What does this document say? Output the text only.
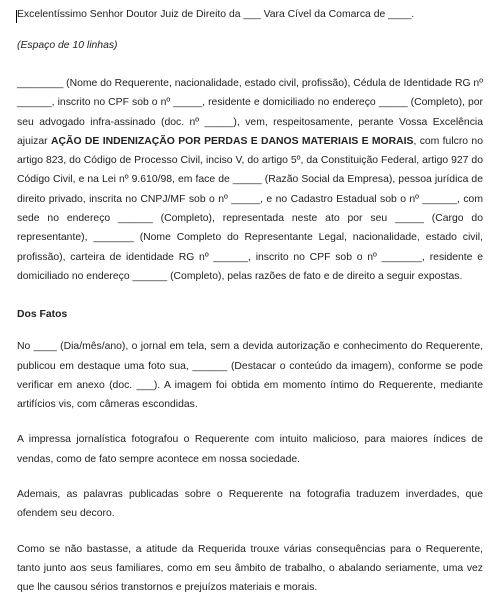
Excelentíssimo Senhor Doutor Juiz de Direito da ___ Vara Cível da Comarca de ____.

(Espaço de 10 linhas)

________ (Nome do Requerente, nacionalidade, estado civil, profissão), Cédula de Identidade RG nº ______, inscrito no CPF sob o nº _____, residente e domiciliado no endereço _____ (Completo), por seu advogado infra-assinado (doc. nº _____), vem, respeitosamente, perante Vossa Excelência ajuizar AÇÃO DE INDENIZAÇÃO POR PERDAS E DANOS MATERIAIS E MORAIS, com fulcro no artigo 823, do Código de Processo Civil, inciso V, do artigo 5º, da Constituição Federal, artigo 927 do Código Civil, e na Lei nº 9.610/98, em face de _____ (Razão Social da Empresa), pessoa jurídica de direito privado, inscrita no CNPJ/MF sob o nº _____, e no Cadastro Estadual sob o nº ______, com sede no endereço ______ (Completo), representada neste ato por seu _____ (Cargo do representante), _______ (Nome Completo do Representante Legal, nacionalidade, estado civil, profissão), carteira de identidade RG nº ______, inscrito no CPF sob o nº _______, residente e domiciliado no endereço ______ (Completo), pelas razões de fato e de direito a seguir expostas.

Dos Fatos

No ____ (Dia/mês/ano), o jornal em tela, sem a devida autorização e conhecimento do Requerente, publicou em destaque uma foto sua, ______ (Destacar o conteúdo da imagem), conforme se pode verificar em anexo (doc. ___). A imagem foi obtida em momento íntimo do Requerente, mediante artifícios vis, com câmeras escondidas.

A impressa jornalística fotografou o Requerente com intuito malicioso, para maiores índices de vendas, como de fato sempre acontece em nossa sociedade.

Ademais, as palavras publicadas sobre o Requerente na fotografia traduzem inverdades, que ofendem seu decoro.

Como se não bastasse, a atitude da Requerida trouxe várias consequências para o Requerente, tanto junto aos seus familiares, como em seu âmbito de trabalho, o abalando seriamente, uma vez que lhe causou sérios transtornos e prejuízos materiais e morais.
